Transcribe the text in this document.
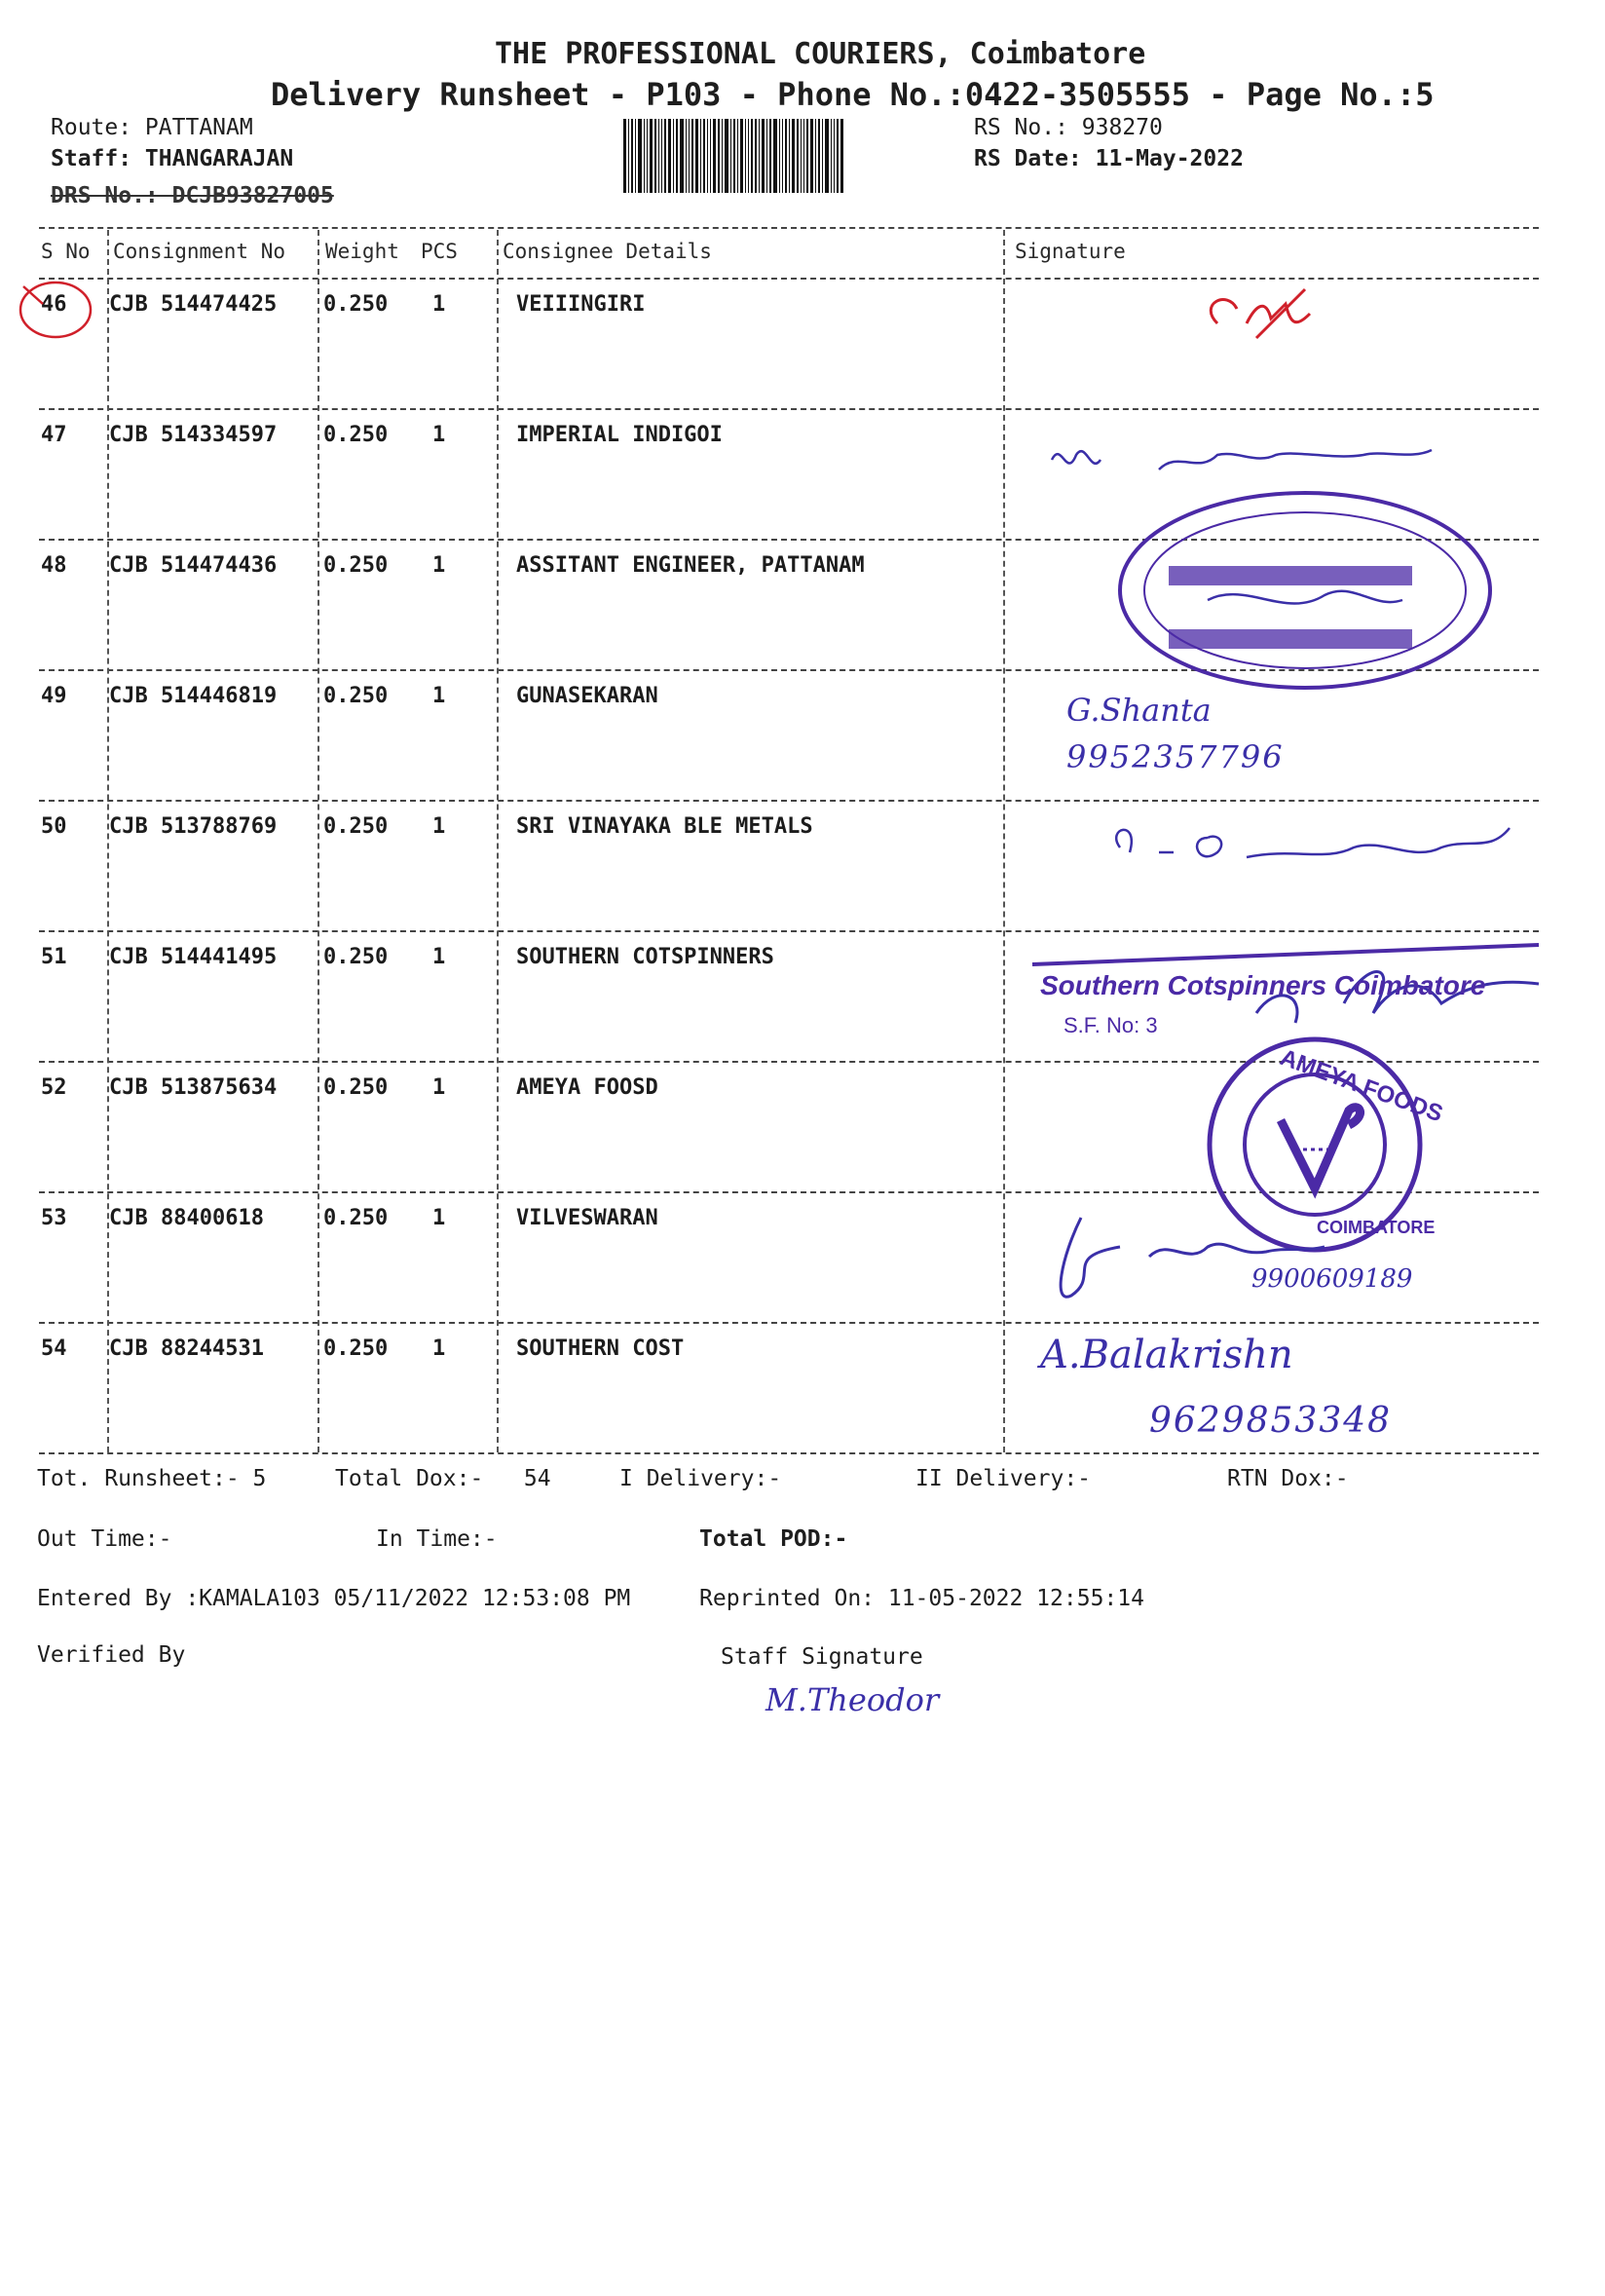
THE PROFESSIONAL COURIERS, Coimbatore
Delivery Runsheet - P103 - Phone No.:0422-3505555 - Page No.:5
Route: PATTANAM
Staff: THANGARAJAN
DRS No.: DCJB93827005
RS No.: 938270
RS Date: 11-May-2022
S No Consignment No Weight PCS Consignee Details	Signature
46 CJB 514474425 0.250 1	VEIIINGIRI
47 CJB 514334597 0.250 1	IMPERIAL INDIGOI
48 CJB 514474436 0.250 1	ASSITANT ENGINEER, PATTANAM
49 CJB 514446819 0.250 1	GUNASEKARAN
50 CJB 513788769 0.250 1	SRI VINAYAKA BLE METALS
51 CJB 514441495 0.250 1	SOUTHERN COTSPINNERS
52 CJB 513875634 0.250 1	AMEYA FOOSD
53 CJB 88400618	0.250 1	VILVESWARAN
54 CJB 88244531	0.250 1	SOUTHERN COST
G.Shanta
9952357796
Southern Cotspinners Coimbatore
S.F. No: 3
AMEYA FOODS
COIMBATORE
9900609189
A.Balakrishn
9629853348
Tot. Runsheet:- 5	Total Dox:-   54	I Delivery:-	II Delivery:-	RTN Dox:-
Out Time:-	In Time:-	Total POD:-
Entered By :KAMALA103 05/11/2022 12:53:08 PM	Reprinted On: 11-05-2022 12:55:14
Verified By	Staff Signature
M.Theodor
